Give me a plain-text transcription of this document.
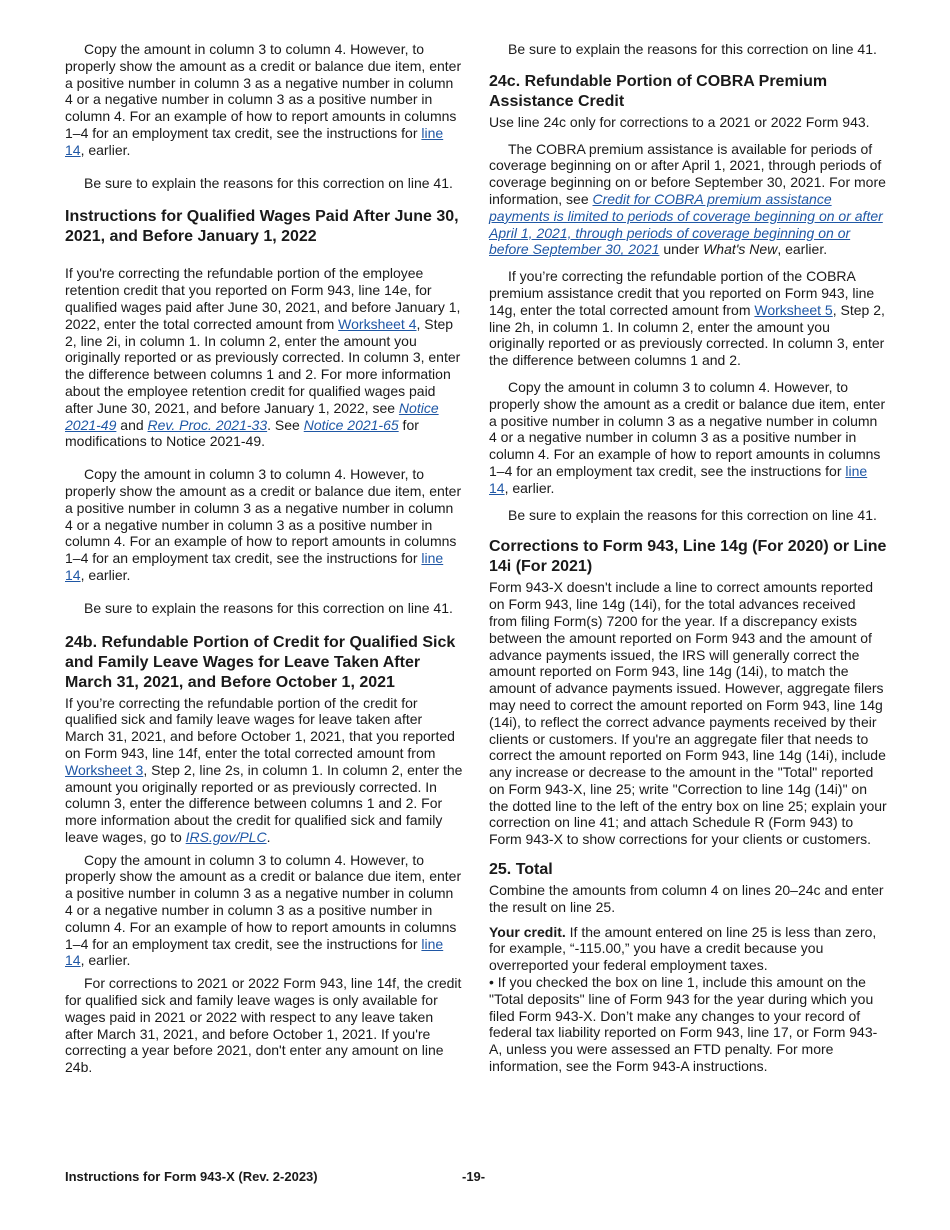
Copy the amount in column 3 to column 4. However, to properly show the amount as a credit or balance due item, enter a positive number in column 3 as a negative number in column 4 or a negative number in column 3 as a positive number in column 4. For an example of how to report amounts in columns 1–4 for an employment tax credit, see the instructions for line 14, earlier.

Be sure to explain the reasons for this correction on line 41.

Instructions for Qualified Wages Paid After June 30, 2021, and Before January 1, 2022

If you're correcting the refundable portion of the employee retention credit that you reported on Form 943, line 14e, for qualified wages paid after June 30, 2021, and before January 1, 2022, enter the total corrected amount from Worksheet 4, Step 2, line 2i, in column 1. In column 2, enter the amount you originally reported or as previously corrected. In column 3, enter the difference between columns 1 and 2. For more information about the employee retention credit for qualified wages paid after June 30, 2021, and before January 1, 2022, see Notice 2021-49 and Rev. Proc. 2021-33. See Notice 2021-65 for modifications to Notice 2021-49.

Copy the amount in column 3 to column 4. However, to properly show the amount as a credit or balance due item, enter a positive number in column 3 as a negative number in column 4 or a negative number in column 3 as a positive number in column 4. For an example of how to report amounts in columns 1–4 for an employment tax credit, see the instructions for line 14, earlier.

Be sure to explain the reasons for this correction on line 41.

24b. Refundable Portion of Credit for Qualified Sick and Family Leave Wages for Leave Taken After March 31, 2021, and Before October 1, 2021

If you’re correcting the refundable portion of the credit for qualified sick and family leave wages for leave taken after March 31, 2021, and before October 1, 2021, that you reported on Form 943, line 14f, enter the total corrected amount from Worksheet 3, Step 2, line 2s, in column 1. In column 2, enter the amount you originally reported or as previously corrected. In column 3, enter the difference between columns 1 and 2. For more information about the credit for qualified sick and family leave wages, go to IRS.gov/PLC.

Copy the amount in column 3 to column 4. However, to properly show the amount as a credit or balance due item, enter a positive number in column 3 as a negative number in column 4 or a negative number in column 3 as a positive number in column 4. For an example of how to report amounts in columns 1–4 for an employment tax credit, see the instructions for line 14, earlier.

For corrections to 2021 or 2022 Form 943, line 14f, the credit for qualified sick and family leave wages is only available for wages paid in 2021 or 2022 with respect to any leave taken after March 31, 2021, and before October 1, 2021. If you're correcting a year before 2021, don't enter any amount on line 24b.

Be sure to explain the reasons for this correction on line 41.

24c. Refundable Portion of COBRA Premium Assistance Credit

Use line 24c only for corrections to a 2021 or 2022 Form 943.

The COBRA premium assistance is available for periods of coverage beginning on or after April 1, 2021, through periods of coverage beginning on or before September 30, 2021. For more information, see Credit for COBRA premium assistance payments is limited to periods of coverage beginning on or after April 1, 2021, through periods of coverage beginning on or before September 30, 2021 under What's New, earlier.

If you’re correcting the refundable portion of the COBRA premium assistance credit that you reported on Form 943, line 14g, enter the total corrected amount from Worksheet 5, Step 2, line 2h, in column 1. In column 2, enter the amount you originally reported or as previously corrected. In column 3, enter the difference between columns 1 and 2.

Copy the amount in column 3 to column 4. However, to properly show the amount as a credit or balance due item, enter a positive number in column 3 as a negative number in column 4 or a negative number in column 3 as a positive number in column 4. For an example of how to report amounts in columns 1–4 for an employment tax credit, see the instructions for line 14, earlier.

Be sure to explain the reasons for this correction on line 41.

Corrections to Form 943, Line 14g (For 2020) or Line 14i (For 2021)

Form 943-X doesn't include a line to correct amounts reported on Form 943, line 14g (14i), for the total advances received from filing Form(s) 7200 for the year. If a discrepancy exists between the amount reported on Form 943 and the amount of advance payments issued, the IRS will generally correct the amount reported on Form 943, line 14g (14i), to match the amount of advance payments issued. However, aggregate filers may need to correct the amount reported on Form 943, line 14g (14i), to reflect the correct advance payments received by their clients or customers. If you're an aggregate filer that needs to correct the amount reported on Form 943, line 14g (14i), include any increase or decrease to the amount in the "Total" reported on Form 943-X, line 25; write "Correction to line 14g (14i)" on the dotted line to the left of the entry box on line 25; explain your correction on line 41; and attach Schedule R (Form 943) to Form 943-X to show corrections for your clients or customers.

25. Total

Combine the amounts from column 4 on lines 20–24c and enter the result on line 25.

Your credit. If the amount entered on line 25 is less than zero, for example, “-115.00,” you have a credit because you overreported your federal employment taxes.

• If you checked the box on line 1, include this amount on the "Total deposits" line of Form 943 for the year during which you filed Form 943-X. Don’t make any changes to your record of federal tax liability reported on Form 943, line 17, or Form 943-A, unless you were assessed an FTD penalty. For more information, see the Form 943-A instructions.

Instructions for Form 943-X (Rev. 2-2023)	-19-
